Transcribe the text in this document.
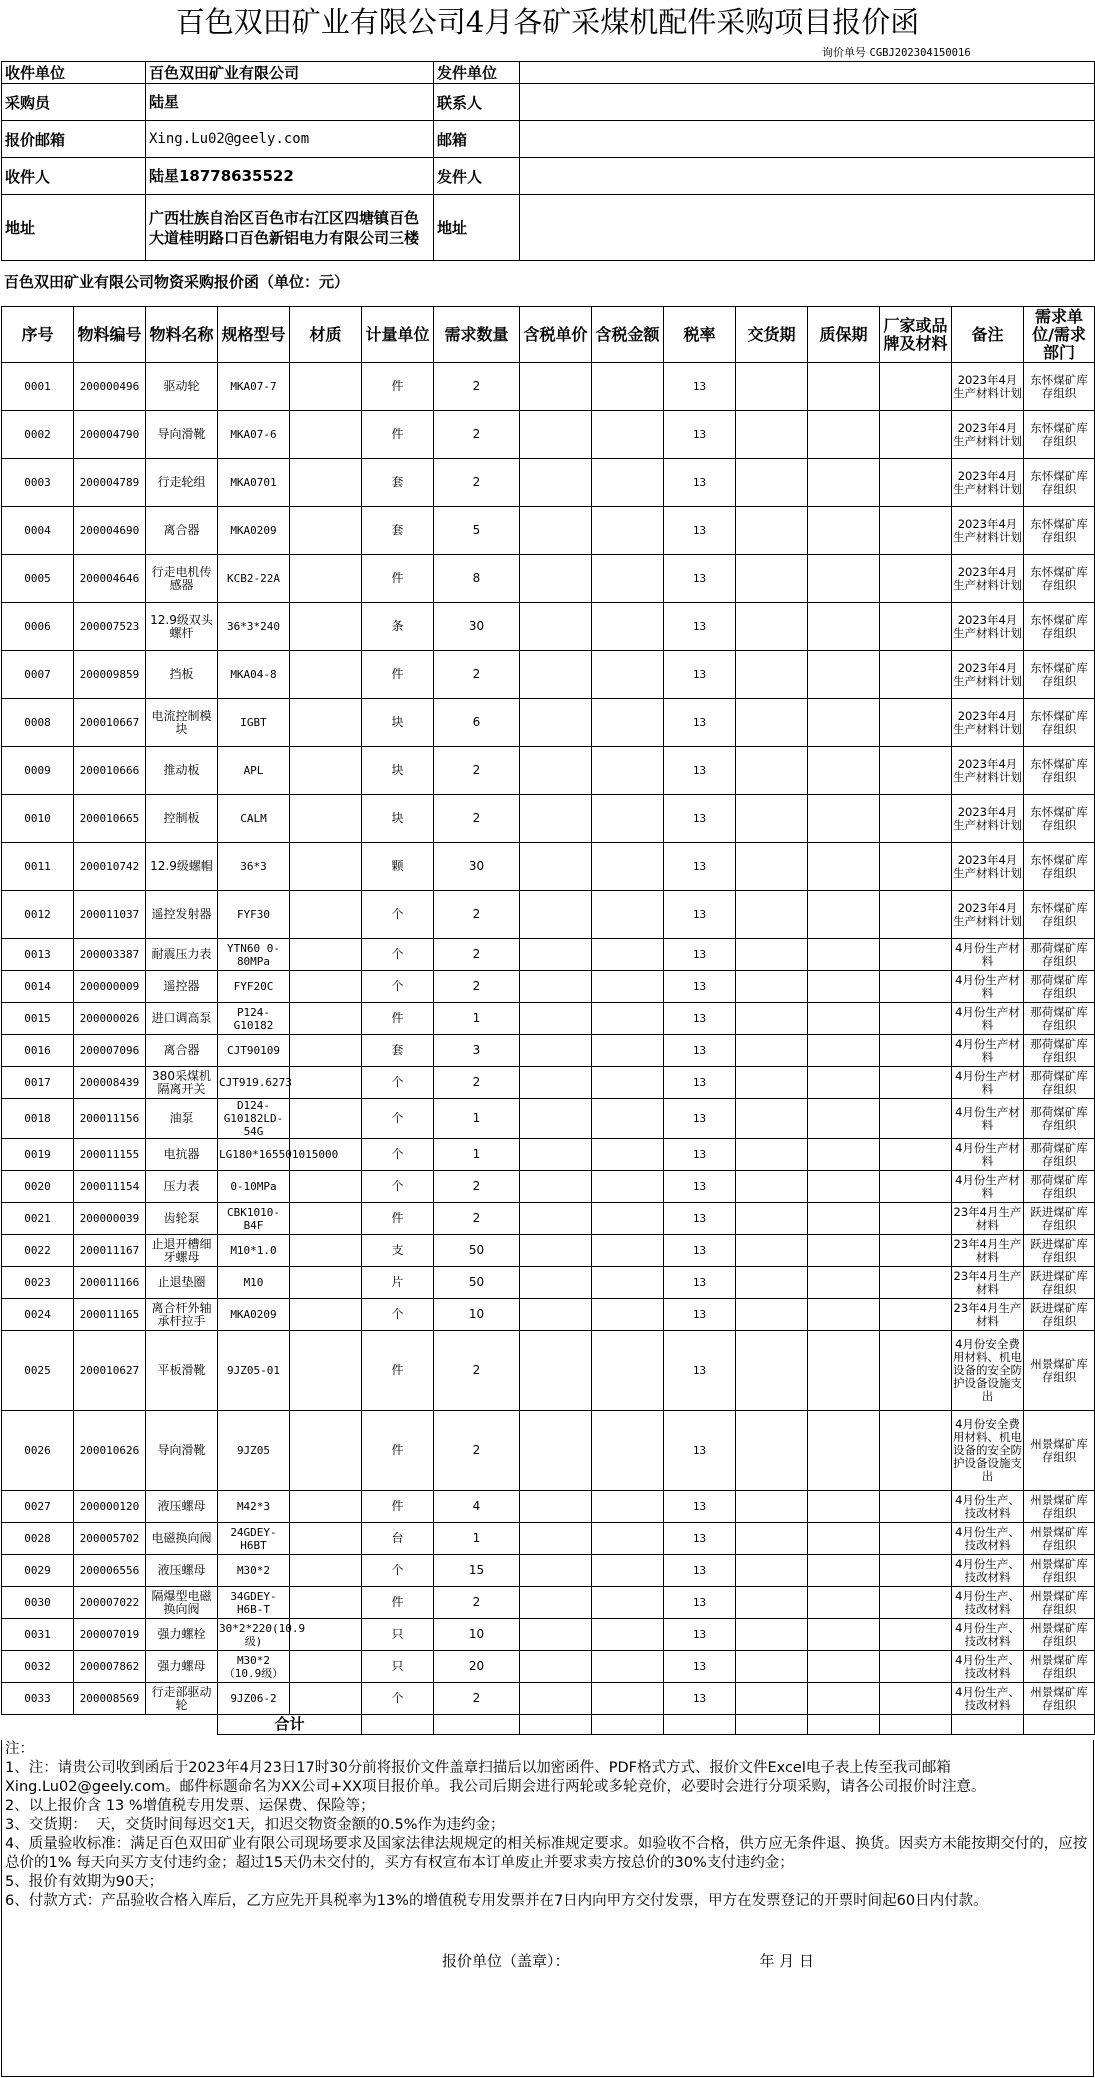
百色双田矿业有限公司4月各矿采煤机配件采购项目报价函
询价单号 CGBJ202304150016
收件单位	百色双田矿业有限公司	发件单位	
采购员	陆星	联系人	
报价邮箱	Xing.Lu02@geely.com	邮箱	
收件人	陆星18778635522	发件人	
地址	广西壮族自治区百色市右江区四塘镇百色大道桂明路口百色新铝电力有限公司三楼	地址	
百色双田矿业有限公司物资采购报价函（单位：元）
序号	物料编号	物料名称	规格型号	材质	计量单位	需求数量	含税单价	含税金额	税率	交货期	质保期	厂家或品牌及材料	备注	需求单位/需求部门
0001	200000496	驱动轮	MKA07-7		件	2			13				2023年4月生产材料计划	东怀煤矿库存组织
0002	200004790	导向滑靴	MKA07-6		件	2			13				2023年4月生产材料计划	东怀煤矿库存组织
0003	200004789	行走轮组	MKA0701		套	2			13				2023年4月生产材料计划	东怀煤矿库存组织
0004	200004690	离合器	MKA0209		套	5			13				2023年4月生产材料计划	东怀煤矿库存组织
0005	200004646	行走电机传感器	KCB2-22A		件	8			13				2023年4月生产材料计划	东怀煤矿库存组织
0006	200007523	12.9级双头螺杆	36*3*240		条	30			13				2023年4月生产材料计划	东怀煤矿库存组织
0007	200009859	挡板	MKA04-8		件	2			13				2023年4月生产材料计划	东怀煤矿库存组织
0008	200010667	电流控制模块	IGBT		块	6			13				2023年4月生产材料计划	东怀煤矿库存组织
0009	200010666	推动板	APL		块	2			13				2023年4月生产材料计划	东怀煤矿库存组织
0010	200010665	控制板	CALM		块	2			13				2023年4月生产材料计划	东怀煤矿库存组织
0011	200010742	12.9级螺帽	36*3		颗	30			13				2023年4月生产材料计划	东怀煤矿库存组织
0012	200011037	遥控发射器	FYF30		个	2			13				2023年4月生产材料计划	东怀煤矿库存组织
0013	200003387	耐震压力表	YTN60 0-80MPa		个	2			13				4月份生产材料	那荷煤矿库存组织
0014	200000009	遥控器	FYF20C		个	2			13				4月份生产材料	那荷煤矿库存组织
0015	200000026	进口调高泵	P124-G10182		件	1			13				4月份生产材料	那荷煤矿库存组织
0016	200007096	离合器	CJT90109		套	3			13				4月份生产材料	那荷煤矿库存组织
0017	200008439	380采煤机隔离开关	CJT919.6273		个	2			13				4月份生产材料	那荷煤矿库存组织
0018	200011156	油泵	D124-G10182LD-54G		个	1			13				4月份生产材料	那荷煤矿库存组织
0019	200011155	电抗器	LG180*165501015000		个	1			13				4月份生产材料	那荷煤矿库存组织
0020	200011154	压力表	0-10MPa		个	2			13				4月份生产材料	那荷煤矿库存组织
0021	200000039	齿轮泵	CBK1010-B4F		件	2			13				23年4月生产材料	跃进煤矿库存组织
0022	200011167	止退开槽细牙螺母	M10*1.0		支	50			13				23年4月生产材料	跃进煤矿库存组织
0023	200011166	止退垫圈	M10		片	50			13				23年4月生产材料	跃进煤矿库存组织
0024	200011165	离合杆外轴承杆拉手	MKA0209		个	10			13				23年4月生产材料	跃进煤矿库存组织
0025	200010627	平板滑靴	9JZ05-01		件	2			13				4月份安全费用材料、机电设备的安全防护设备设施支出	州景煤矿库存组织
0026	200010626	导向滑靴	9JZ05		件	2			13				4月份安全费用材料、机电设备的安全防护设备设施支出	州景煤矿库存组织
0027	200000120	液压螺母	M42*3		件	4			13				4月份生产、技改材料	州景煤矿库存组织
0028	200005702	电磁换向阀	24GDEY-H6BT		台	1			13				4月份生产、技改材料	州景煤矿库存组织
0029	200006556	液压螺母	M30*2		个	15			13				4月份生产、技改材料	州景煤矿库存组织
0030	200007022	隔爆型电磁换向阀	34GDEY-H6B-T		件	2			13				4月份生产、技改材料	州景煤矿库存组织
0031	200007019	强力螺栓	30*2*220(10.9级)		只	10			13				4月份生产、技改材料	州景煤矿库存组织
0032	200007862	强力螺母	M30*2（10.9级）		只	20			13				4月份生产、技改材料	州景煤矿库存组织
0033	200008569	行走部驱动轮	9JZ06-2		个	2			13				4月份生产、技改材料	州景煤矿库存组织
			合计											

注：

1、注：请贵公司收到函后于2023年4月23日17时30分前将报价文件盖章扫描后以加密函件、PDF格式方式、报价文件Excel电子表上传至我司邮箱Xing.Lu02@geely.com。邮件标题命名为XX公司+XX项目报价单。我公司后期会进行两轮或多轮竞价，必要时会进行分项采购，请各公司报价时注意。

2、以上报价含 13 %增值税专用发票、运保费、保险等；

3、交货期：  天，交货时间每迟交1天，扣迟交物资金额的0.5%作为违约金；

4、质量验收标准：满足百色双田矿业有限公司现场要求及国家法律法规规定的相关标准规定要求。如验收不合格，供方应无条件退、换货。因卖方未能按期交付的，应按总价的1% 每天向买方支付违约金；超过15天仍未交付的，买方有权宣布本订单废止并要求卖方按总价的30%支付违约金；

5、报价有效期为90天；

6、付款方式：产品验收合格入库后，乙方应先开具税率为13%的增值税专用发票并在7日内向甲方交付发票，甲方在发票登记的开票时间起60日内付款。

报价单位（盖章）：	年 月 日
